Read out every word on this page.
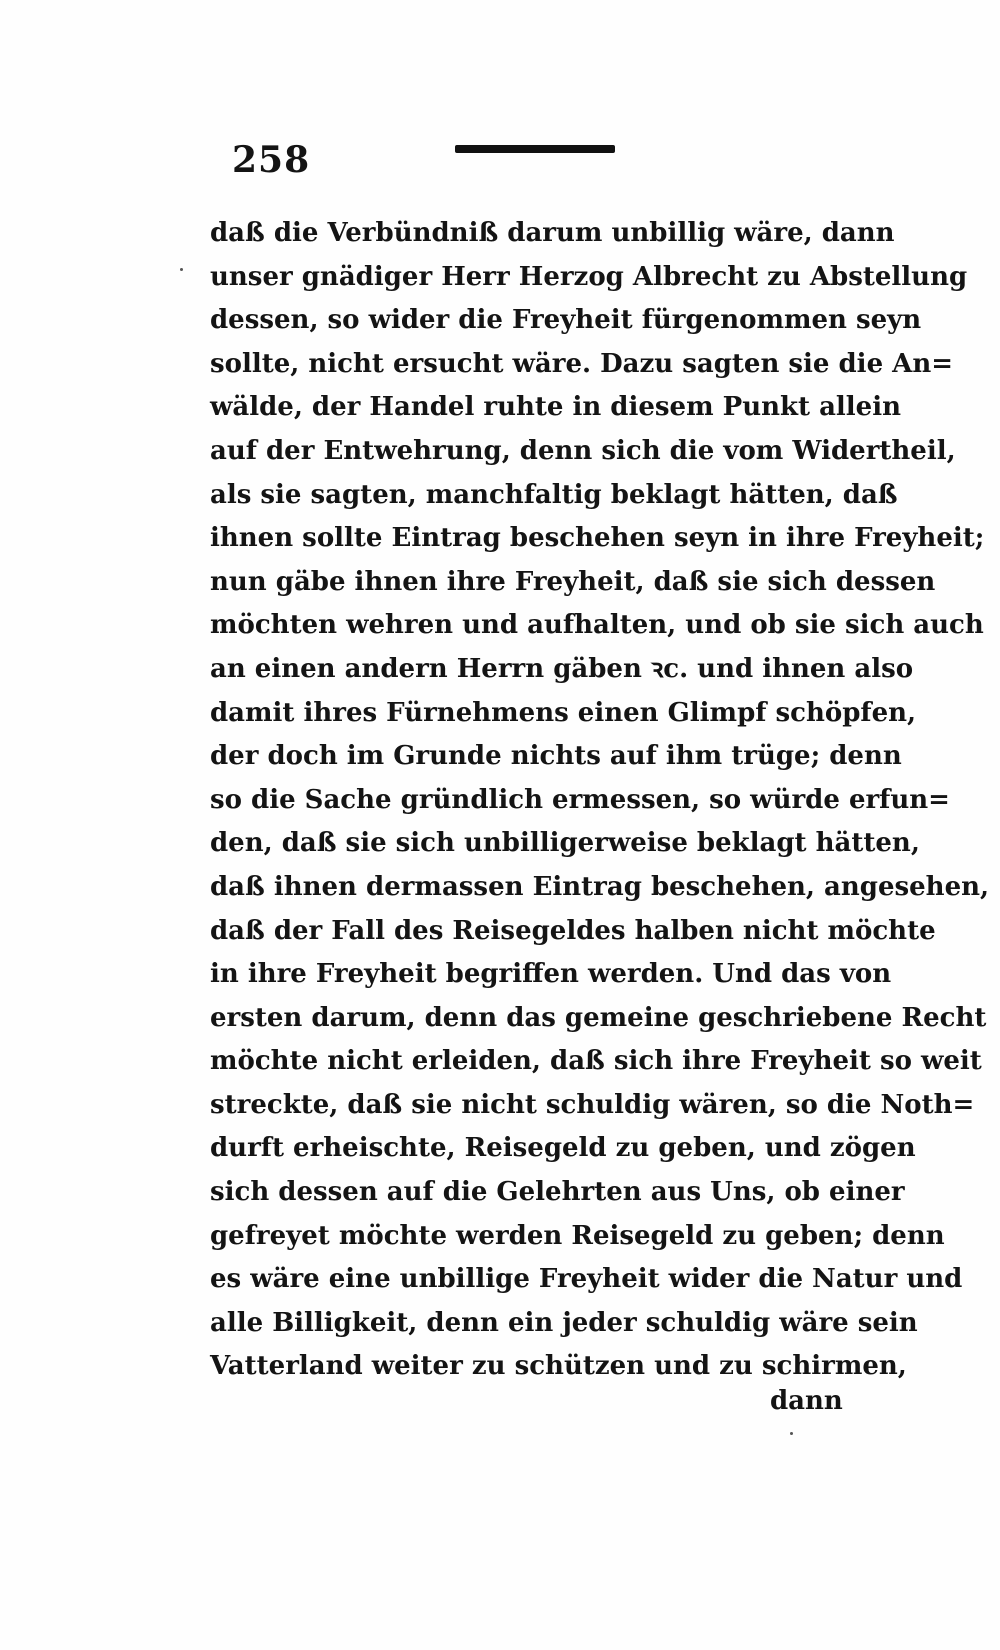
258
daß die Verbündniß darum unbillig wäre, dann
unser gnädiger Herr Herzog Albrecht zu Abstellung
dessen, so wider die Freyheit fürgenommen seyn
sollte, nicht ersucht wäre. Dazu sagten sie die An=
wälde, der Handel ruhte in diesem Punkt allein
auf der Entwehrung, denn sich die vom Widertheil,
als sie sagten, manchfaltig beklagt hätten, daß
ihnen sollte Eintrag beschehen seyn in ihre Freyheit;
nun gäbe ihnen ihre Freyheit, daß sie sich dessen
möchten wehren und aufhalten, und ob sie sich auch
an einen andern Herrn gäben ꝛc. und ihnen also
damit ihres Fürnehmens einen Glimpf schöpfen,
der doch im Grunde nichts auf ihm trüge; denn
so die Sache gründlich ermessen, so würde erfun=
den, daß sie sich unbilligerweise beklagt hätten,
daß ihnen dermassen Eintrag beschehen, angesehen,
daß der Fall des Reisegeldes halben nicht möchte
in ihre Freyheit begriffen werden. Und das von
ersten darum, denn das gemeine geschriebene Recht
möchte nicht erleiden, daß sich ihre Freyheit so weit
streckte, daß sie nicht schuldig wären, so die Noth=
durft erheischte, Reisegeld zu geben, und zögen
sich dessen auf die Gelehrten aus Uns, ob einer
gefreyet möchte werden Reisegeld zu geben; denn
es wäre eine unbillige Freyheit wider die Natur und
alle Billigkeit, denn ein jeder schuldig wäre sein
Vatterland weiter zu schützen und zu schirmen,
dann
